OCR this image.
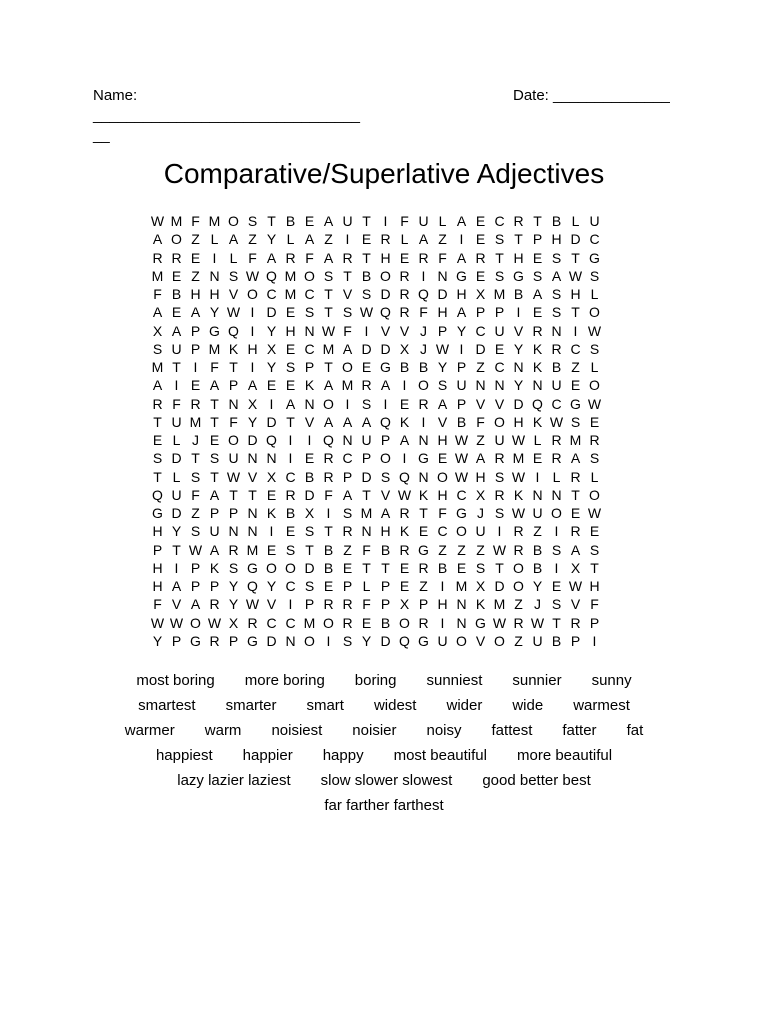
Name:
________________________________
__
Date: ______________
Comparative/Superlative Adjectives
W M F M O S T B E A U T I F U L A E C R T B L U
A O Z L A Z Y L A Z I E R L A Z I E S T P H D C
R R E I L F A R F A R T H E R F A R T H E S T G
M E Z N S W Q M O S T B O R I N G E S G S A W S
F B H H V O C M C T V S D R Q D H X M B A S H L
A E A Y W I D E S T S W Q R F H A P P I E S T O
X A P G Q I Y H N W F I V V J P Y C U V R N I W
S U P M K H X E C M A D D X J W I D E Y K R C S
M T I F T I Y S P T O E G B B Y P Z C N K B Z L
A I E A P A E E K A M R A I O S U N N Y N U E O
R F R T N X I A N O I S I E R A P V V D Q C G W
T U M T F Y D T V A A A Q K I V B F O H K W S E
E L J E O D Q I	I Q N U P A N H W Z U W L R M R
S D T S U N N I E R C P O I G E W A R M E R A S
T L S T W V X C B R P D S Q N O W H S W I L R L
Q U F A T T E R D F A T V W K H C X R K N N T O
G D Z P P N K B X I S M A R T F G J S W U O E W
H Y S U N N I E S T R N H K E C O U I R Z I R E
P T W A R M E S T B Z F B R G Z Z Z W R B S A S
H I P K S G O O D B E T T E R B E S T O B I X T
H A P P Y Q Y C S E P L P E Z I M X D O Y E W H
F V A R Y W V I P R R F P X P H N K M Z J S V F
W W O W X R C C M O R E B O R I N G W R W T R P
Y P G R P G D N O I S Y D Q G U O V O Z U B P I
most boring more boring boring sunniest sunnier sunny
smartest smarter smart widest wider wide warmest
warmer warm noisiest noisier noisy fattest fatter fat
happiest happier happy most beautiful more beautiful
lazy lazier laziest slow slower slowest good better best
far farther farthest
